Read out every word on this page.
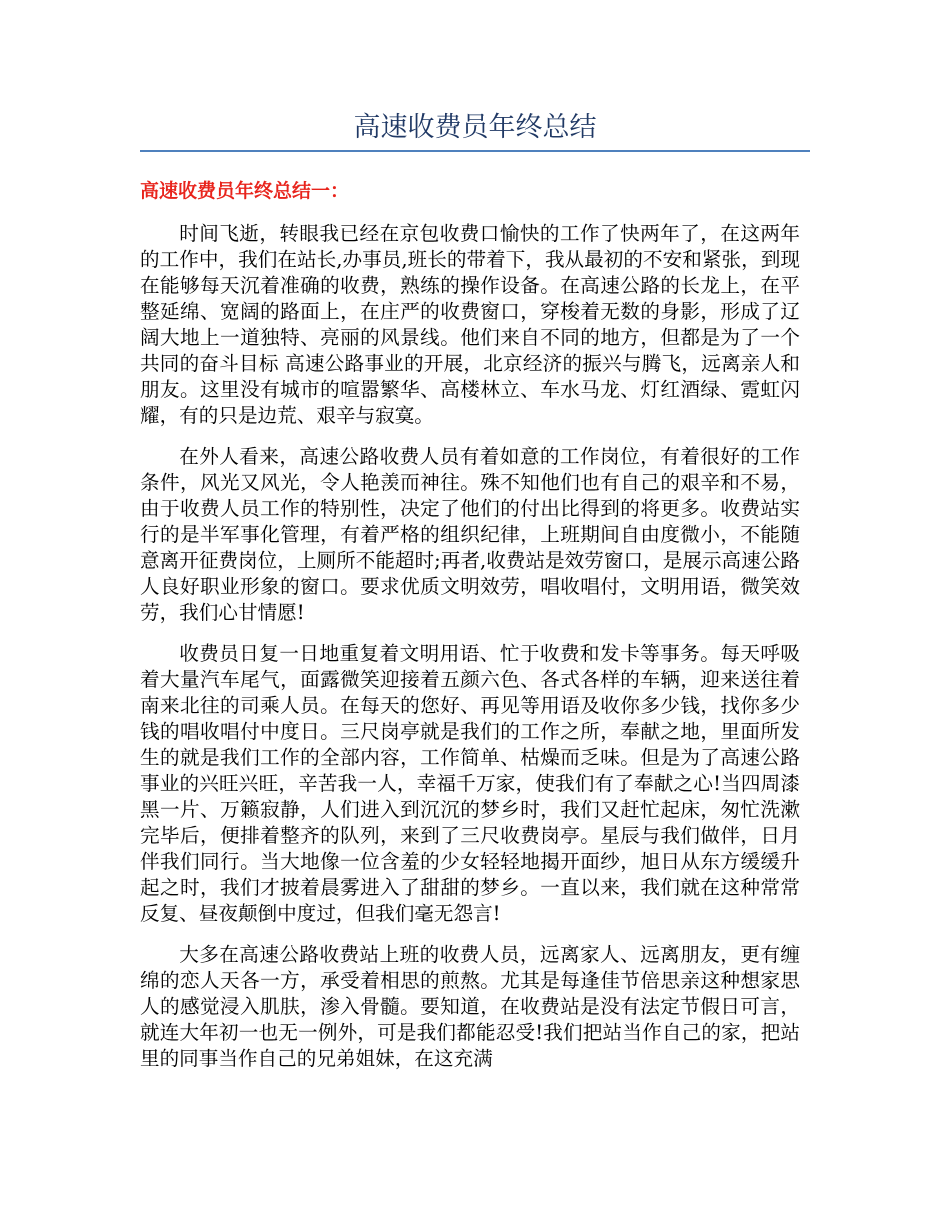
高速收费员年终总结
高速收费员年终总结一：

时间飞逝，转眼我已经在京包收费口愉快的工作了快两年了，在这两年的工作中，我们在站长,办事员,班长的带着下，我从最初的不安和紧张，到现在能够每天沉着准确的收费，熟练的操作设备。在高速公路的长龙上，在平整延绵、宽阔的路面上，在庄严的收费窗口，穿梭着无数的身影，形成了辽阔大地上一道独特、亮丽的风景线。他们来自不同的地方，但都是为了一个共同的奋斗目标 高速公路事业的开展，北京经济的振兴与腾飞，远离亲人和朋友。这里没有城市的喧嚣繁华、高楼林立、车水马龙、灯红酒绿、霓虹闪耀，有的只是边荒、艰辛与寂寞。

在外人看来，高速公路收费人员有着如意的工作岗位，有着很好的工作条件，风光又风光，令人艳羡而神往。殊不知他们也有自己的艰辛和不易，由于收费人员工作的特别性，决定了他们的付出比得到的将更多。收费站实行的是半军事化管理，有着严格的组织纪律，上班期间自由度微小，不能随意离开征费岗位，上厕所不能超时;再者,收费站是效劳窗口，是展示高速公路人良好职业形象的窗口。要求优质文明效劳，唱收唱付，文明用语，微笑效劳，我们心甘情愿!

收费员日复一日地重复着文明用语、忙于收费和发卡等事务。每天呼吸着大量汽车尾气，面露微笑迎接着五颜六色、各式各样的车辆，迎来送往着南来北往的司乘人员。在每天的您好、再见等用语及收你多少钱，找你多少钱的唱收唱付中度日。三尺岗亭就是我们的工作之所，奉献之地，里面所发生的就是我们工作的全部内容，工作简单、枯燥而乏味。但是为了高速公路事业的兴旺兴旺，辛苦我一人，幸福千万家，使我们有了奉献之心!当四周漆黑一片、万籁寂静，人们进入到沉沉的梦乡时，我们又赶忙起床，匆忙洗漱完毕后，便排着整齐的队列，来到了三尺收费岗亭。星辰与我们做伴，日月伴我们同行。当大地像一位含羞的少女轻轻地揭开面纱，旭日从东方缓缓升起之时，我们才披着晨雾进入了甜甜的梦乡。一直以来，我们就在这种常常反复、昼夜颠倒中度过，但我们毫无怨言!

大多在高速公路收费站上班的收费人员，远离家人、远离朋友，更有缠绵的恋人天各一方，承受着相思的煎熬。尤其是每逢佳节倍思亲这种想家思人的感觉浸入肌肤，渗入骨髓。要知道，在收费站是没有法定节假日可言，就连大年初一也无一例外，可是我们都能忍受!我们把站当作自己的家，把站里的同事当作自己的兄弟姐妹，在这充满
